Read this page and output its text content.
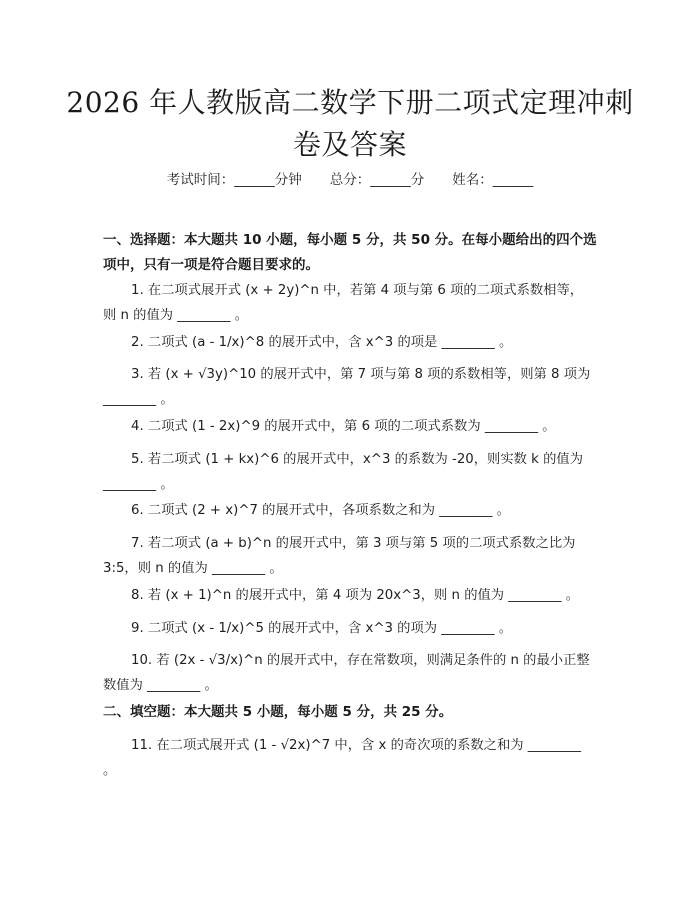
2026 年人教版高二数学下册二项式定理冲刺卷及答案
考试时间：______分钟 总分：______分 姓名：______
一、选择题：本大题共 10 小题，每小题 5 分，共 50 分。在每小题给出的四个选项中，只有一项是符合题目要求的。
1. 在二项式展开式 (x + 2y)^n 中，若第 4 项与第 6 项的二项式系数相等，则 n 的值为 ________ 。
2. 二项式 (a - 1/x)^8 的展开式中，含 x^3 的项是 ________ 。
3. 若 (x + √3y)^10 的展开式中，第 7 项与第 8 项的系数相等，则第 8 项为 ________ 。
4. 二项式 (1 - 2x)^9 的展开式中，第 6 项的二项式系数为 ________ 。
5. 若二项式 (1 + kx)^6 的展开式中，x^3 的系数为 -20，则实数 k 的值为 ________ 。
6. 二项式 (2 + x)^7 的展开式中，各项系数之和为 ________ 。
7. 若二项式 (a + b)^n 的展开式中，第 3 项与第 5 项的二项式系数之比为 3:5，则 n 的值为 ________ 。
8. 若 (x + 1)^n 的展开式中，第 4 项为 20x^3，则 n 的值为 ________ 。
9. 二项式 (x - 1/x)^5 的展开式中，含 x^3 的项为 ________ 。
10. 若 (2x - √3/x)^n 的展开式中，存在常数项，则满足条件的 n 的最小正整数值为 ________ 。
二、填空题：本大题共 5 小题，每小题 5 分，共 25 分。
11. 在二项式展开式 (1 - √2x)^7 中，含 x 的奇次项的系数之和为 ________ 。
